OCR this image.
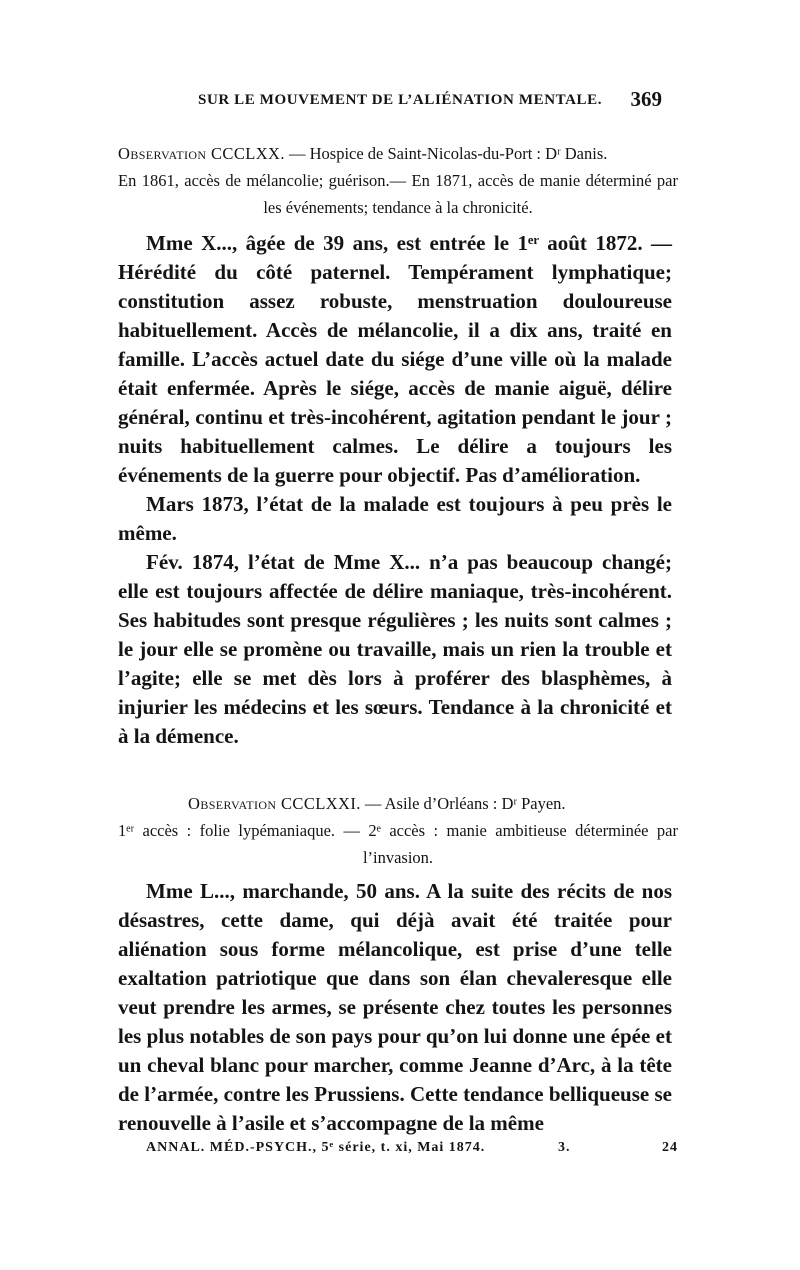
SUR LE MOUVEMENT DE L’ALIÉNATION MENTALE.	369

Observation CCCLXX. — Hospice de Saint-Nicolas-du-Port : Dʳ Danis.

En 1861, accès de mélancolie; guérison.— En 1871, accès de manie déterminé par les événements; tendance à la chronicité.

Mme X..., âgée de 39 ans, est entrée le 1ᵉʳ août 1872. — Hérédité du côté paternel. Tempérament lymphatique; constitution assez robuste, menstruation douloureuse habituellement. Accès de mélancolie, il a dix ans, traité en famille. L’accès actuel date du siége d’une ville où la malade était enfermée. Après le siége, accès de manie aiguë, délire général, continu et très-incohérent, agitation pendant le jour ; nuits habituellement calmes. Le délire a toujours les événements de la guerre pour objectif. Pas d’amélioration.

Mars 1873, l’état de la malade est toujours à peu près le même.

Fév. 1874, l’état de Mme X... n’a pas beaucoup changé; elle est toujours affectée de délire maniaque, très-incohérent. Ses habitudes sont presque régulières ; les nuits sont calmes ; le jour elle se promène ou travaille, mais un rien la trouble et l’agite; elle se met dès lors à proférer des blasphèmes, à injurier les médecins et les sœurs. Tendance à la chronicité et à la démence.

Observation CCCLXXI. — Asile d’Orléans : Dʳ Payen.

1ᵉʳ accès : folie lypémaniaque. — 2ᵉ accès : manie ambitieuse déterminée par l’invasion.

Mme L..., marchande, 50 ans. A la suite des récits de nos désastres, cette dame, qui déjà avait été traitée pour aliénation sous forme mélancolique, est prise d’une telle exaltation patriotique que dans son élan chevaleresque elle veut prendre les armes, se présente chez toutes les personnes les plus notables de son pays pour qu’on lui donne une épée et un cheval blanc pour marcher, comme Jeanne d’Arc, à la tête de l’armée, contre les Prussiens. Cette tendance belliqueuse se renouvelle à l’asile et s’accompagne de la même

ANNAL. MÉD.-PSYCH., 5ᵉ série, t. xi, Mai 1874.	3.	24
